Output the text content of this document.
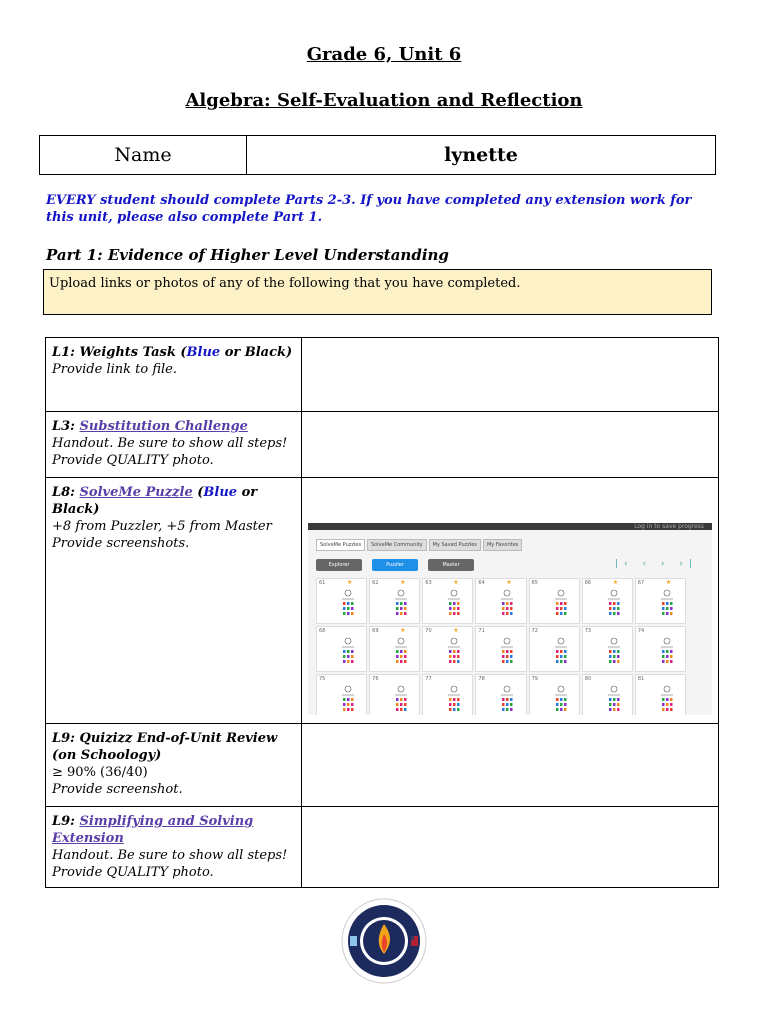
Grade 6, Unit 6
Algebra: Self-Evaluation and Reflection
Name	lynette
EVERY student should complete Parts 2-3. If you have completed any extension work for this unit, please also complete Part 1.
Part 1: Evidence of Higher Level Understanding
Upload links or photos of any of the following that you have completed.
L1: Weights Task (Blue or Black)
Provide link to file.
L3: Substitution Challenge
Handout. Be sure to show all steps!
Provide QUALITY photo.
L8: SolveMe Puzzle (Blue or Black)
+8 from Puzzler, +5 from Master
Provide screenshots.
Log in to save progress
SolveMe Puzzles	SolveMe Community	My Saved Puzzles	My Favorites
Explorer	Puzzler	Master	|‹ ‹ › ›|
61	★	62	★	63	★	64	★	65	66	★	67	★
68	69	★	70	★	71	72	73	74
75	76	77	78	79	80	81
L9: Quizizz End-of-Unit Review
(on Schoology)
≥ 90% (36/40)
Provide screenshot.
L9: Simplifying and Solving Extension
Handout. Be sure to show all steps!
Provide QUALITY photo.
